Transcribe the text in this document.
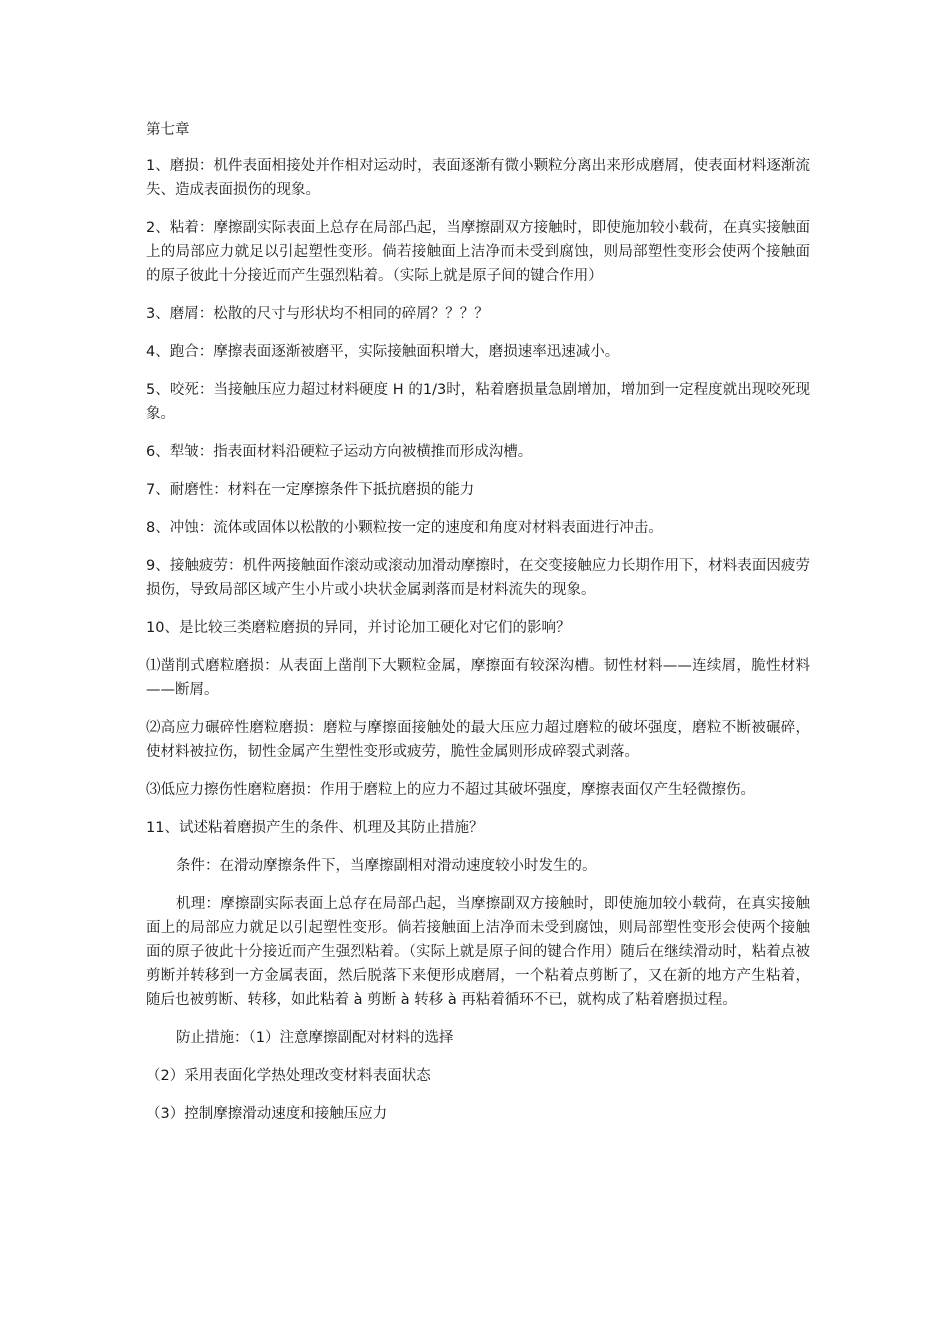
第七章
1、磨损：机件表面相接处并作相对运动时，表面逐渐有微小颗粒分离出来形成磨屑，使表面材料逐渐流失、造成表面损伤的现象。
2、粘着：摩擦副实际表面上总存在局部凸起，当摩擦副双方接触时，即使施加较小载荷，在真实接触面上的局部应力就足以引起塑性变形。倘若接触面上洁净而未受到腐蚀，则局部塑性变形会使两个接触面的原子彼此十分接近而产生强烈粘着。（实际上就是原子间的键合作用）
3、磨屑：松散的尺寸与形状均不相同的碎屑？？？？
4、跑合：摩擦表面逐渐被磨平，实际接触面积增大，磨损速率迅速减小。
5、咬死：当接触压应力超过材料硬度 H 的1/3时，粘着磨损量急剧增加，增加到一定程度就出现咬死现象。
6、犁皱：指表面材料沿硬粒子运动方向被横推而形成沟槽。
7、耐磨性：材料在一定摩擦条件下抵抗磨损的能力
8、冲蚀：流体或固体以松散的小颗粒按一定的速度和角度对材料表面进行冲击。
9、接触疲劳：机件两接触面作滚动或滚动加滑动摩擦时，在交变接触应力长期作用下，材料表面因疲劳损伤，导致局部区域产生小片或小块状金属剥落而是材料流失的现象。
10、是比较三类磨粒磨损的异同，并讨论加工硬化对它们的影响？
⑴凿削式磨粒磨损：从表面上凿削下大颗粒金属，摩擦面有较深沟槽。韧性材料——连续屑，脆性材料——断屑。
⑵高应力碾碎性磨粒磨损：磨粒与摩擦面接触处的最大压应力超过磨粒的破坏强度，磨粒不断被碾碎，使材料被拉伤，韧性金属产生塑性变形或疲劳，脆性金属则形成碎裂式剥落。
⑶低应力擦伤性磨粒磨损：作用于磨粒上的应力不超过其破坏强度，摩擦表面仅产生轻微擦伤。
11、试述粘着磨损产生的条件、机理及其防止措施？
条件：在滑动摩擦条件下，当摩擦副相对滑动速度较小时发生的。
机理：摩擦副实际表面上总存在局部凸起，当摩擦副双方接触时，即使施加较小载荷，在真实接触面上的局部应力就足以引起塑性变形。倘若接触面上洁净而未受到腐蚀，则局部塑性变形会使两个接触面的原子彼此十分接近而产生强烈粘着。（实际上就是原子间的键合作用）随后在继续滑动时，粘着点被剪断并转移到一方金属表面，然后脱落下来便形成磨屑，一个粘着点剪断了，又在新的地方产生粘着，随后也被剪断、转移，如此粘着 à 剪断 à 转移 à 再粘着循环不已，就构成了粘着磨损过程。
防止措施：（1）注意摩擦副配对材料的选择
（2）采用表面化学热处理改变材料表面状态
（3）控制摩擦滑动速度和接触压应力
